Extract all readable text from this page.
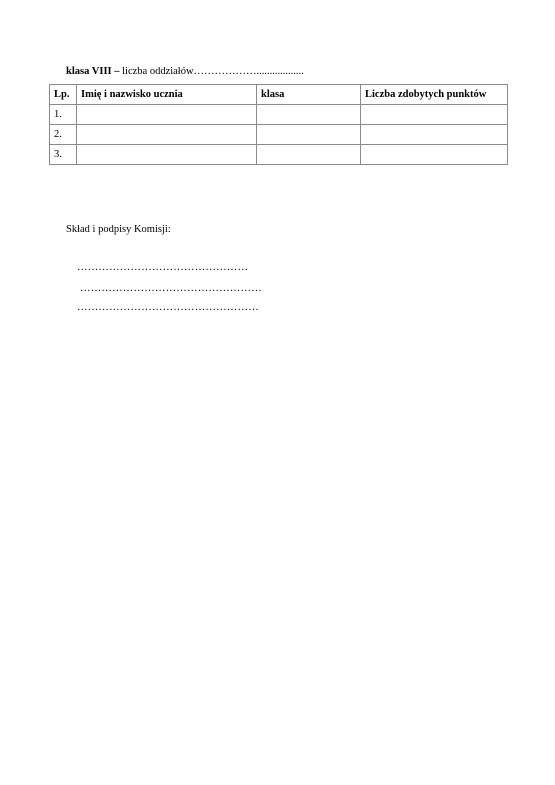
klasa VIII – liczba oddziałów………………..................
Lp.	Imię i nazwisko ucznia	klasa	Liczba zdobytych punktów
1.			
2.			
3.			
Skład i podpisy Komisji:
…………………………………………
……………………………………………
……………………………………………
